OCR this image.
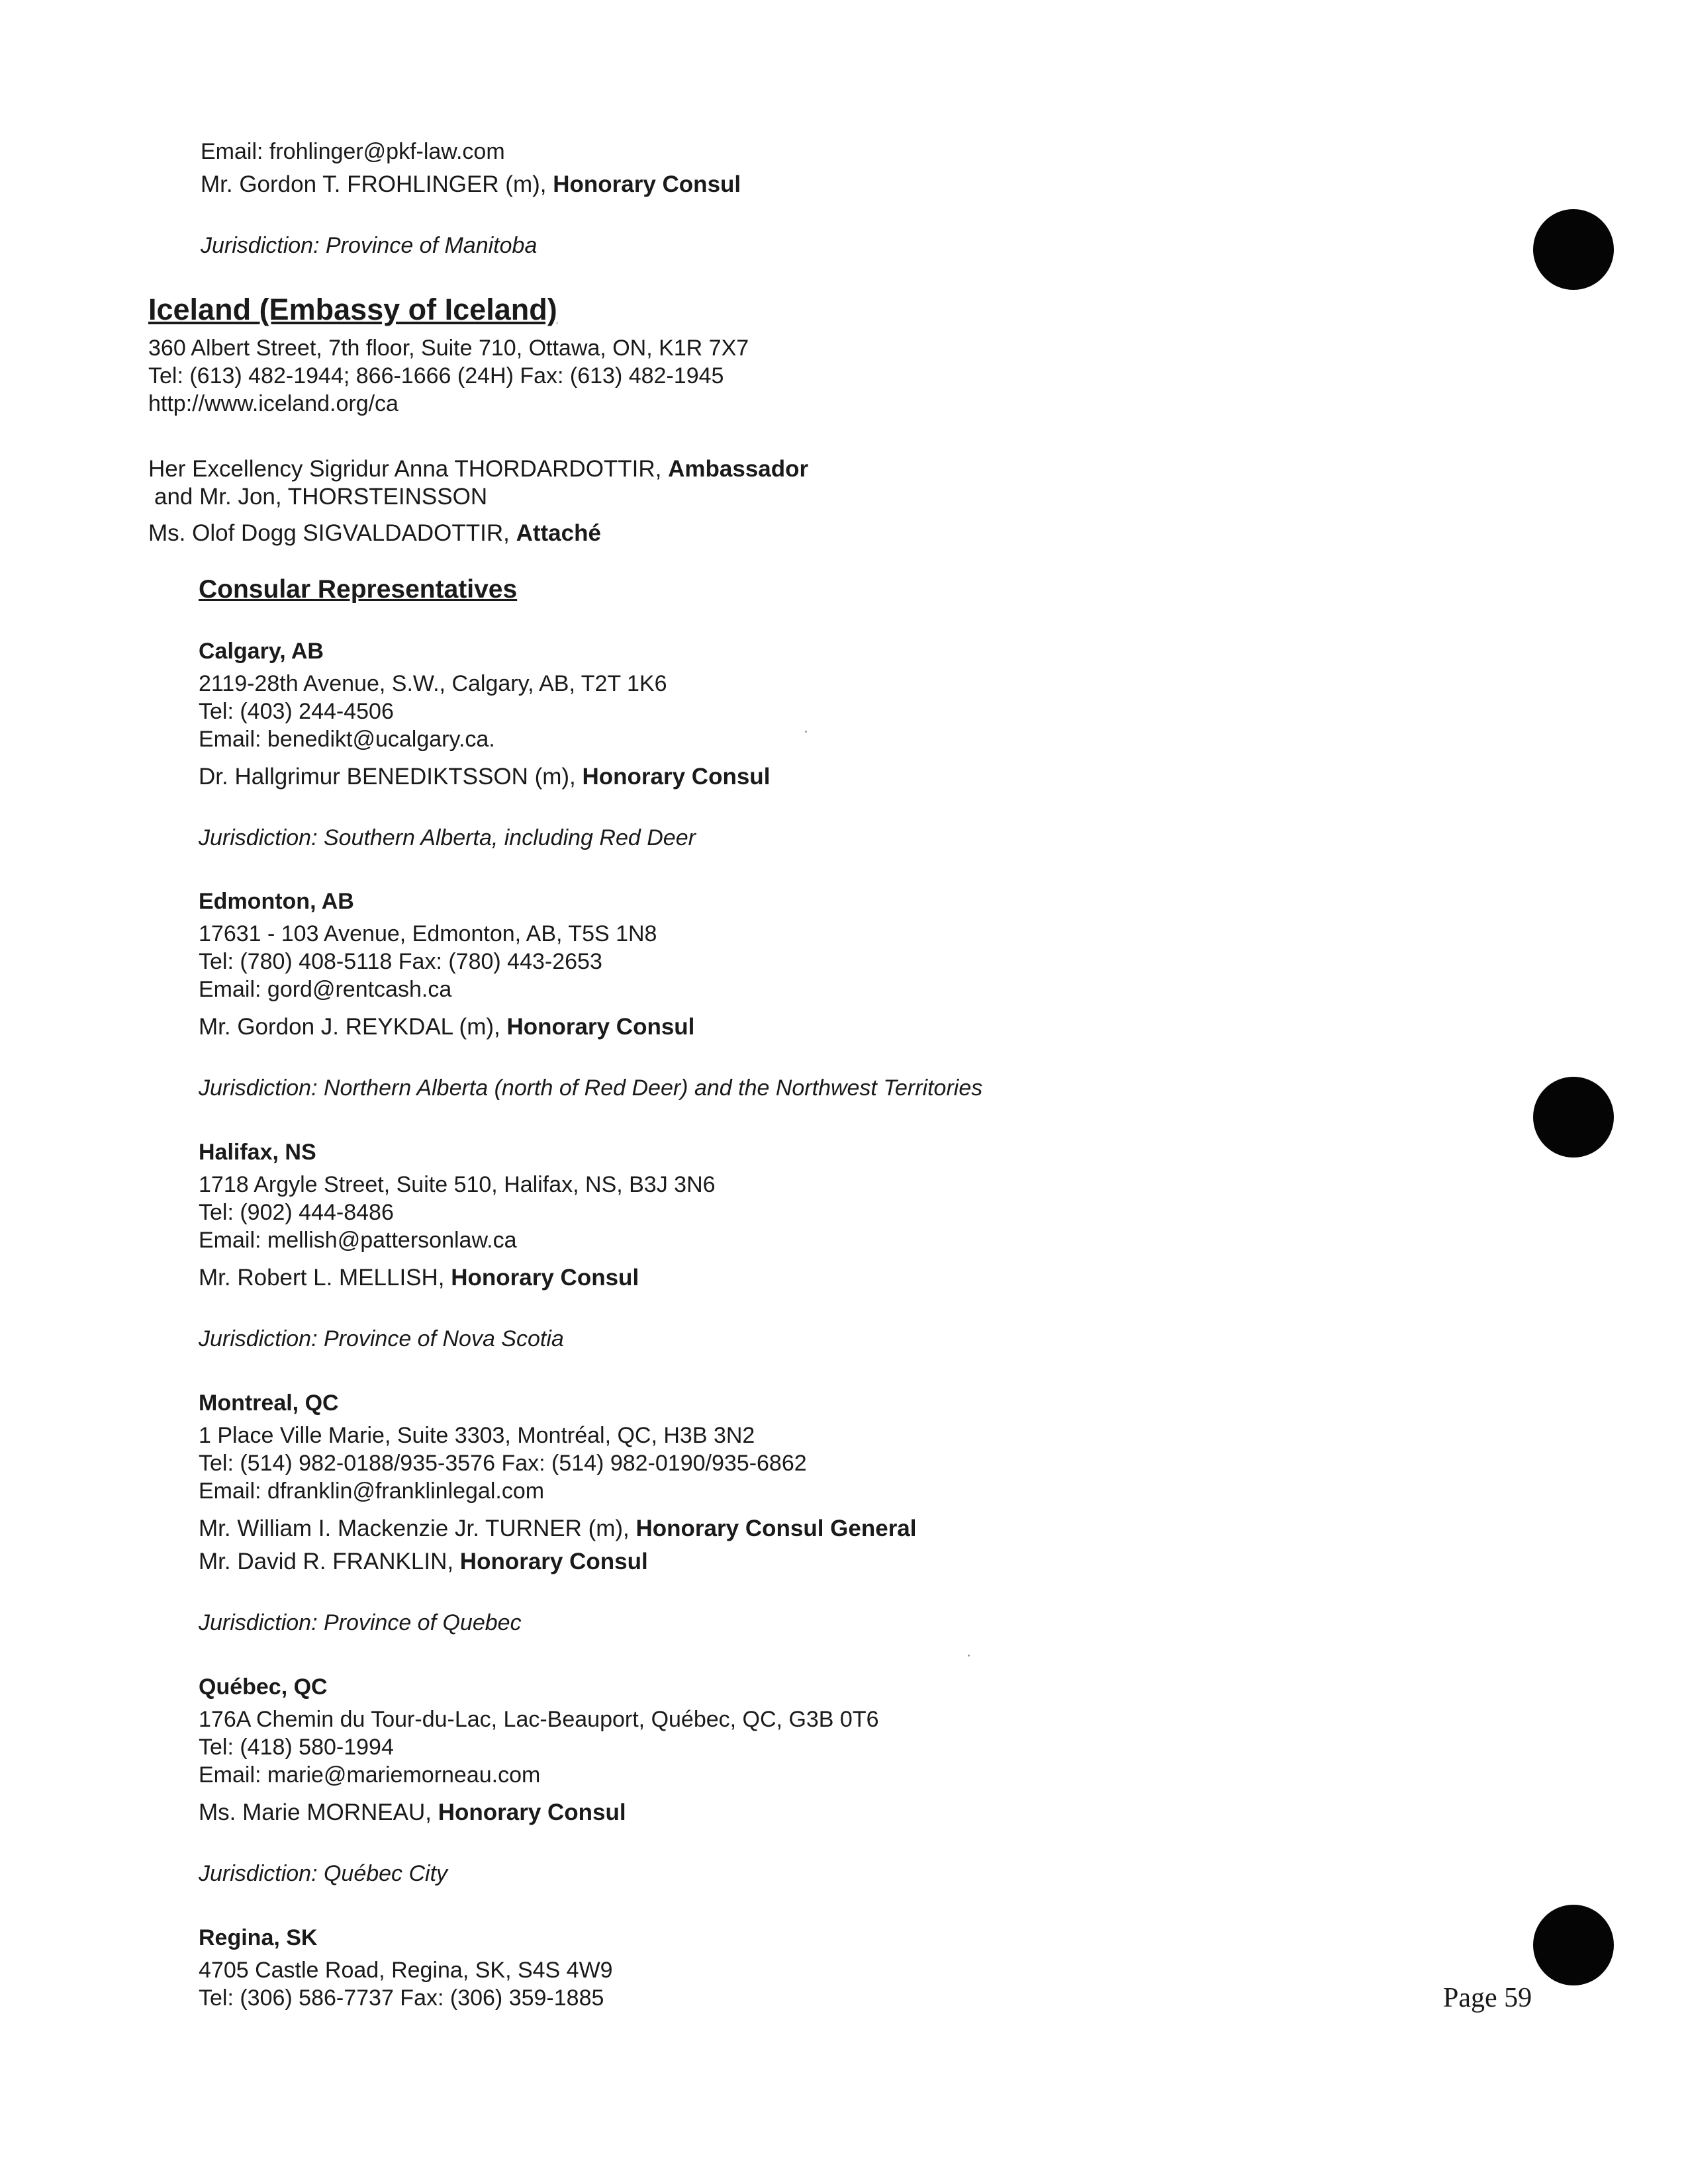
Email: frohlinger@pkf-law.com
Mr. Gordon T. FROHLINGER (m), Honorary Consul
Jurisdiction: Province of Manitoba
Iceland (Embassy of Iceland)
360 Albert Street, 7th floor, Suite 710, Ottawa, ON, K1R 7X7
Tel: (613) 482-1944; 866-1666 (24H) Fax: (613) 482-1945
http://www.iceland.org/ca
Her Excellency Sigridur Anna THORDARDOTTIR, Ambassador
and Mr. Jon, THORSTEINSSON
Ms. Olof Dogg SIGVALDADOTTIR, Attaché
Consular Representatives
Calgary, AB
2119-28th Avenue, S.W., Calgary, AB, T2T 1K6
Tel: (403) 244-4506
Email: benedikt@ucalgary.ca.
Dr. Hallgrimur BENEDIKTSSON (m), Honorary Consul
Jurisdiction: Southern Alberta, including Red Deer
Edmonton, AB
17631 - 103 Avenue, Edmonton, AB, T5S 1N8
Tel: (780) 408-5118 Fax: (780) 443-2653
Email: gord@rentcash.ca
Mr. Gordon J. REYKDAL (m), Honorary Consul
Jurisdiction: Northern Alberta (north of Red Deer) and the Northwest Territories
Halifax, NS
1718 Argyle Street, Suite 510, Halifax, NS, B3J 3N6
Tel: (902) 444-8486
Email: mellish@pattersonlaw.ca
Mr. Robert L. MELLISH, Honorary Consul
Jurisdiction: Province of Nova Scotia
Montreal, QC
1 Place Ville Marie, Suite 3303, Montréal, QC, H3B 3N2
Tel: (514) 982-0188/935-3576 Fax: (514) 982-0190/935-6862
Email: dfranklin@franklinlegal.com
Mr. William I. Mackenzie Jr. TURNER (m), Honorary Consul General
Mr. David R. FRANKLIN, Honorary Consul
Jurisdiction: Province of Quebec
Québec, QC
176A Chemin du Tour-du-Lac, Lac-Beauport, Québec, QC, G3B 0T6
Tel: (418) 580-1994
Email: marie@mariemorneau.com
Ms. Marie MORNEAU, Honorary Consul
Jurisdiction: Québec City
Regina, SK
4705 Castle Road, Regina, SK, S4S 4W9
Tel: (306) 586-7737 Fax: (306) 359-1885	Page 59
